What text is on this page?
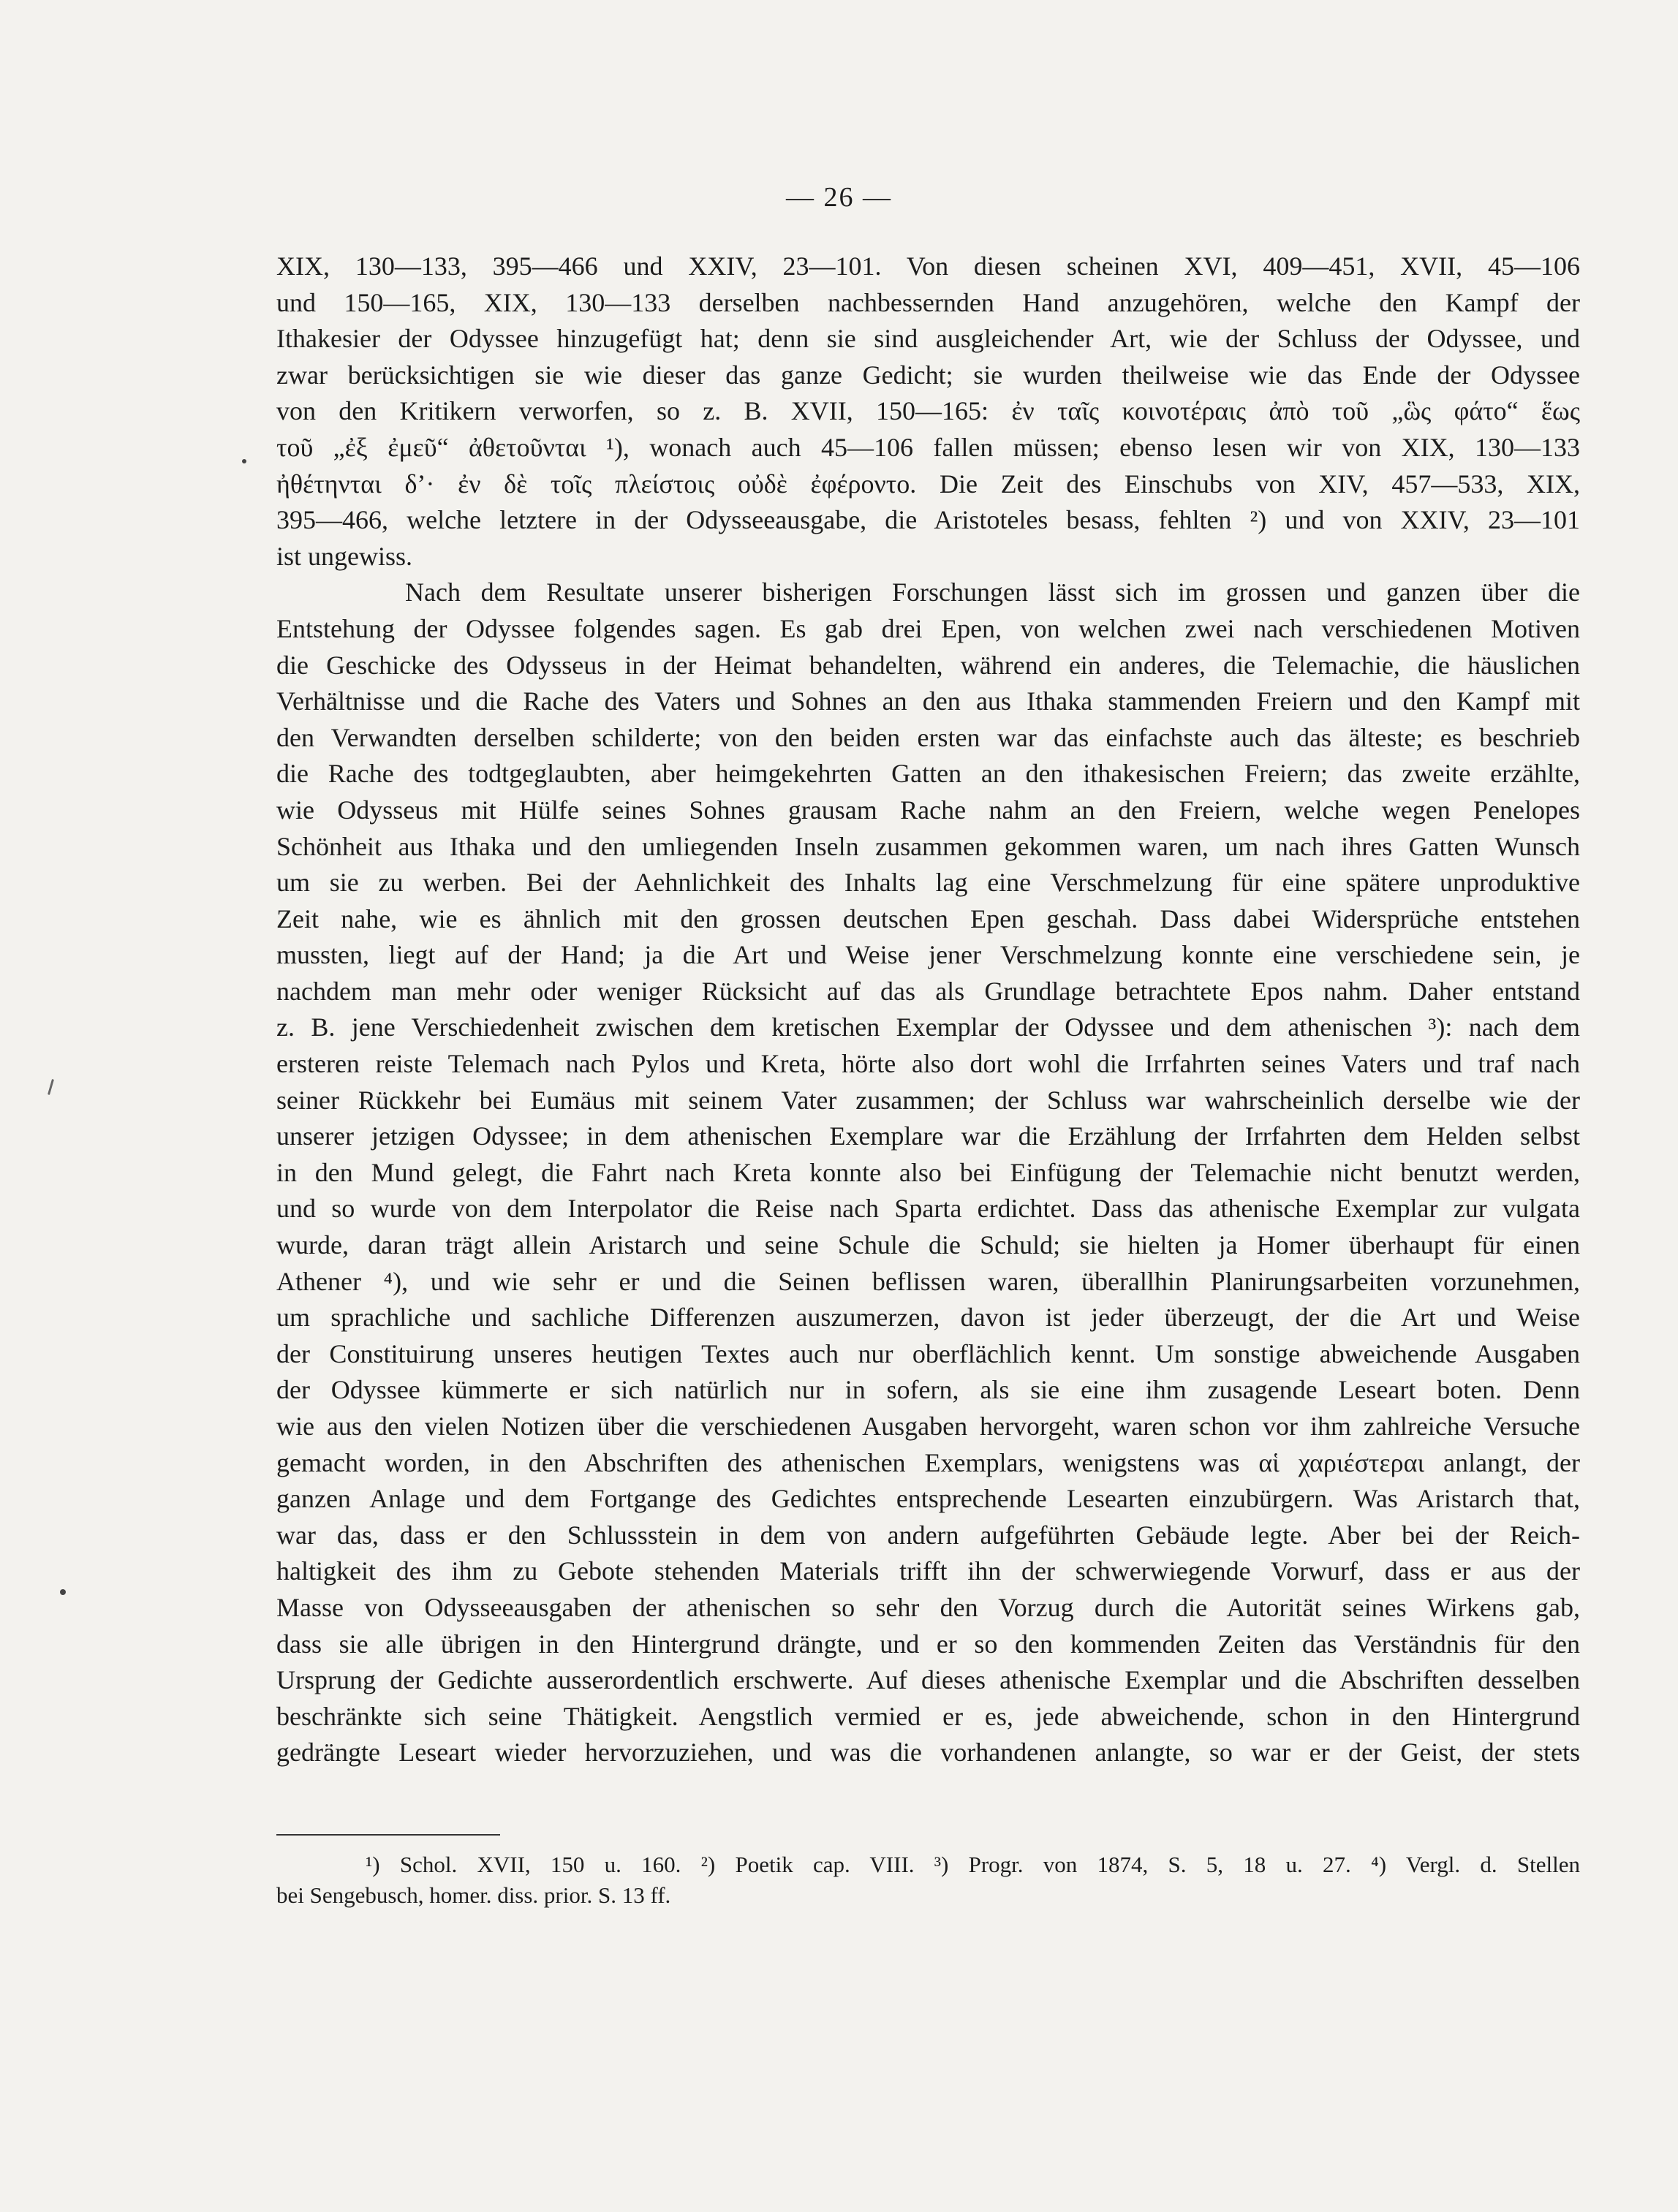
— 26 —
XIX, 130—133, 395—466 und XXIV, 23—101. Von diesen scheinen XVI, 409—451, XVII, 45—106
und 150—165, XIX, 130—133 derselben nachbessernden Hand anzugehören, welche den Kampf der
Ithakesier der Odyssee hinzugefügt hat; denn sie sind ausgleichender Art, wie der Schluss der Odyssee, und
zwar berücksichtigen sie wie dieser das ganze Gedicht; sie wurden theilweise wie das Ende der Odyssee
von den Kritikern verworfen, so z. B. XVII, 150—165: ἐν ταῖς κοινοτέραις ἀπὸ τοῦ „ὣς φάτο“ ἕως
τοῦ „ἐξ ἐμεῦ“ ἀθετοῦνται ¹), wonach auch 45—106 fallen müssen; ebenso lesen wir von XIX, 130—133
ἠθέτηνται δ’· ἐν δὲ τοῖς πλείστοις οὐδὲ ἐφέροντο. Die Zeit des Einschubs von XIV, 457—533, XIX,
395—466, welche letztere in der Odysseeausgabe, die Aristoteles besass, fehlten ²) und von XXIV, 23—101
ist ungewiss.
Nach dem Resultate unserer bisherigen Forschungen lässt sich im grossen und ganzen über die
Entstehung der Odyssee folgendes sagen. Es gab drei Epen, von welchen zwei nach verschiedenen Motiven
die Geschicke des Odysseus in der Heimat behandelten, während ein anderes, die Telemachie, die häuslichen
Verhältnisse und die Rache des Vaters und Sohnes an den aus Ithaka stammenden Freiern und den Kampf mit
den Verwandten derselben schilderte; von den beiden ersten war das einfachste auch das älteste; es beschrieb
die Rache des todtgeglaubten, aber heimgekehrten Gatten an den ithakesischen Freiern; das zweite erzählte,
wie Odysseus mit Hülfe seines Sohnes grausam Rache nahm an den Freiern, welche wegen Penelopes
Schönheit aus Ithaka und den umliegenden Inseln zusammen gekommen waren, um nach ihres Gatten Wunsch
um sie zu werben. Bei der Aehnlichkeit des Inhalts lag eine Verschmelzung für eine spätere unproduktive
Zeit nahe, wie es ähnlich mit den grossen deutschen Epen geschah. Dass dabei Widersprüche entstehen
mussten, liegt auf der Hand; ja die Art und Weise jener Verschmelzung konnte eine verschiedene sein, je
nachdem man mehr oder weniger Rücksicht auf das als Grundlage betrachtete Epos nahm. Daher entstand
z. B. jene Verschiedenheit zwischen dem kretischen Exemplar der Odyssee und dem athenischen ³): nach dem
ersteren reiste Telemach nach Pylos und Kreta, hörte also dort wohl die Irrfahrten seines Vaters und traf nach
seiner Rückkehr bei Eumäus mit seinem Vater zusammen; der Schluss war wahrscheinlich derselbe wie der
unserer jetzigen Odyssee; in dem athenischen Exemplare war die Erzählung der Irrfahrten dem Helden selbst
in den Mund gelegt, die Fahrt nach Kreta konnte also bei Einfügung der Telemachie nicht benutzt werden,
und so wurde von dem Interpolator die Reise nach Sparta erdichtet. Dass das athenische Exemplar zur vulgata
wurde, daran trägt allein Aristarch und seine Schule die Schuld; sie hielten ja Homer überhaupt für einen
Athener ⁴), und wie sehr er und die Seinen beflissen waren, überallhin Planirungsarbeiten vorzunehmen,
um sprachliche und sachliche Differenzen auszumerzen, davon ist jeder überzeugt, der die Art und Weise
der Constituirung unseres heutigen Textes auch nur oberflächlich kennt. Um sonstige abweichende Ausgaben
der Odyssee kümmerte er sich natürlich nur in sofern, als sie eine ihm zusagende Leseart boten. Denn
wie aus den vielen Notizen über die verschiedenen Ausgaben hervorgeht, waren schon vor ihm zahlreiche Versuche
gemacht worden, in den Abschriften des athenischen Exemplars, wenigstens was αἱ χαριέστεραι anlangt, der
ganzen Anlage und dem Fortgange des Gedichtes entsprechende Lesearten einzubürgern. Was Aristarch that,
war das, dass er den Schlussstein in dem von andern aufgeführten Gebäude legte. Aber bei der Reich-
haltigkeit des ihm zu Gebote stehenden Materials trifft ihn der schwerwiegende Vorwurf, dass er aus der
Masse von Odysseeausgaben der athenischen so sehr den Vorzug durch die Autorität seines Wirkens gab,
dass sie alle übrigen in den Hintergrund drängte, und er so den kommenden Zeiten das Verständnis für den
Ursprung der Gedichte ausserordentlich erschwerte. Auf dieses athenische Exemplar und die Abschriften desselben
beschränkte sich seine Thätigkeit. Aengstlich vermied er es, jede abweichende, schon in den Hintergrund
gedrängte Leseart wieder hervorzuziehen, und was die vorhandenen anlangte, so war er der Geist, der stets
¹) Schol. XVII, 150 u. 160. ²) Poetik cap. VIII. ³) Progr. von 1874, S. 5, 18 u. 27. ⁴) Vergl. d. Stellen
bei Sengebusch, homer. diss. prior. S. 13 ff.
